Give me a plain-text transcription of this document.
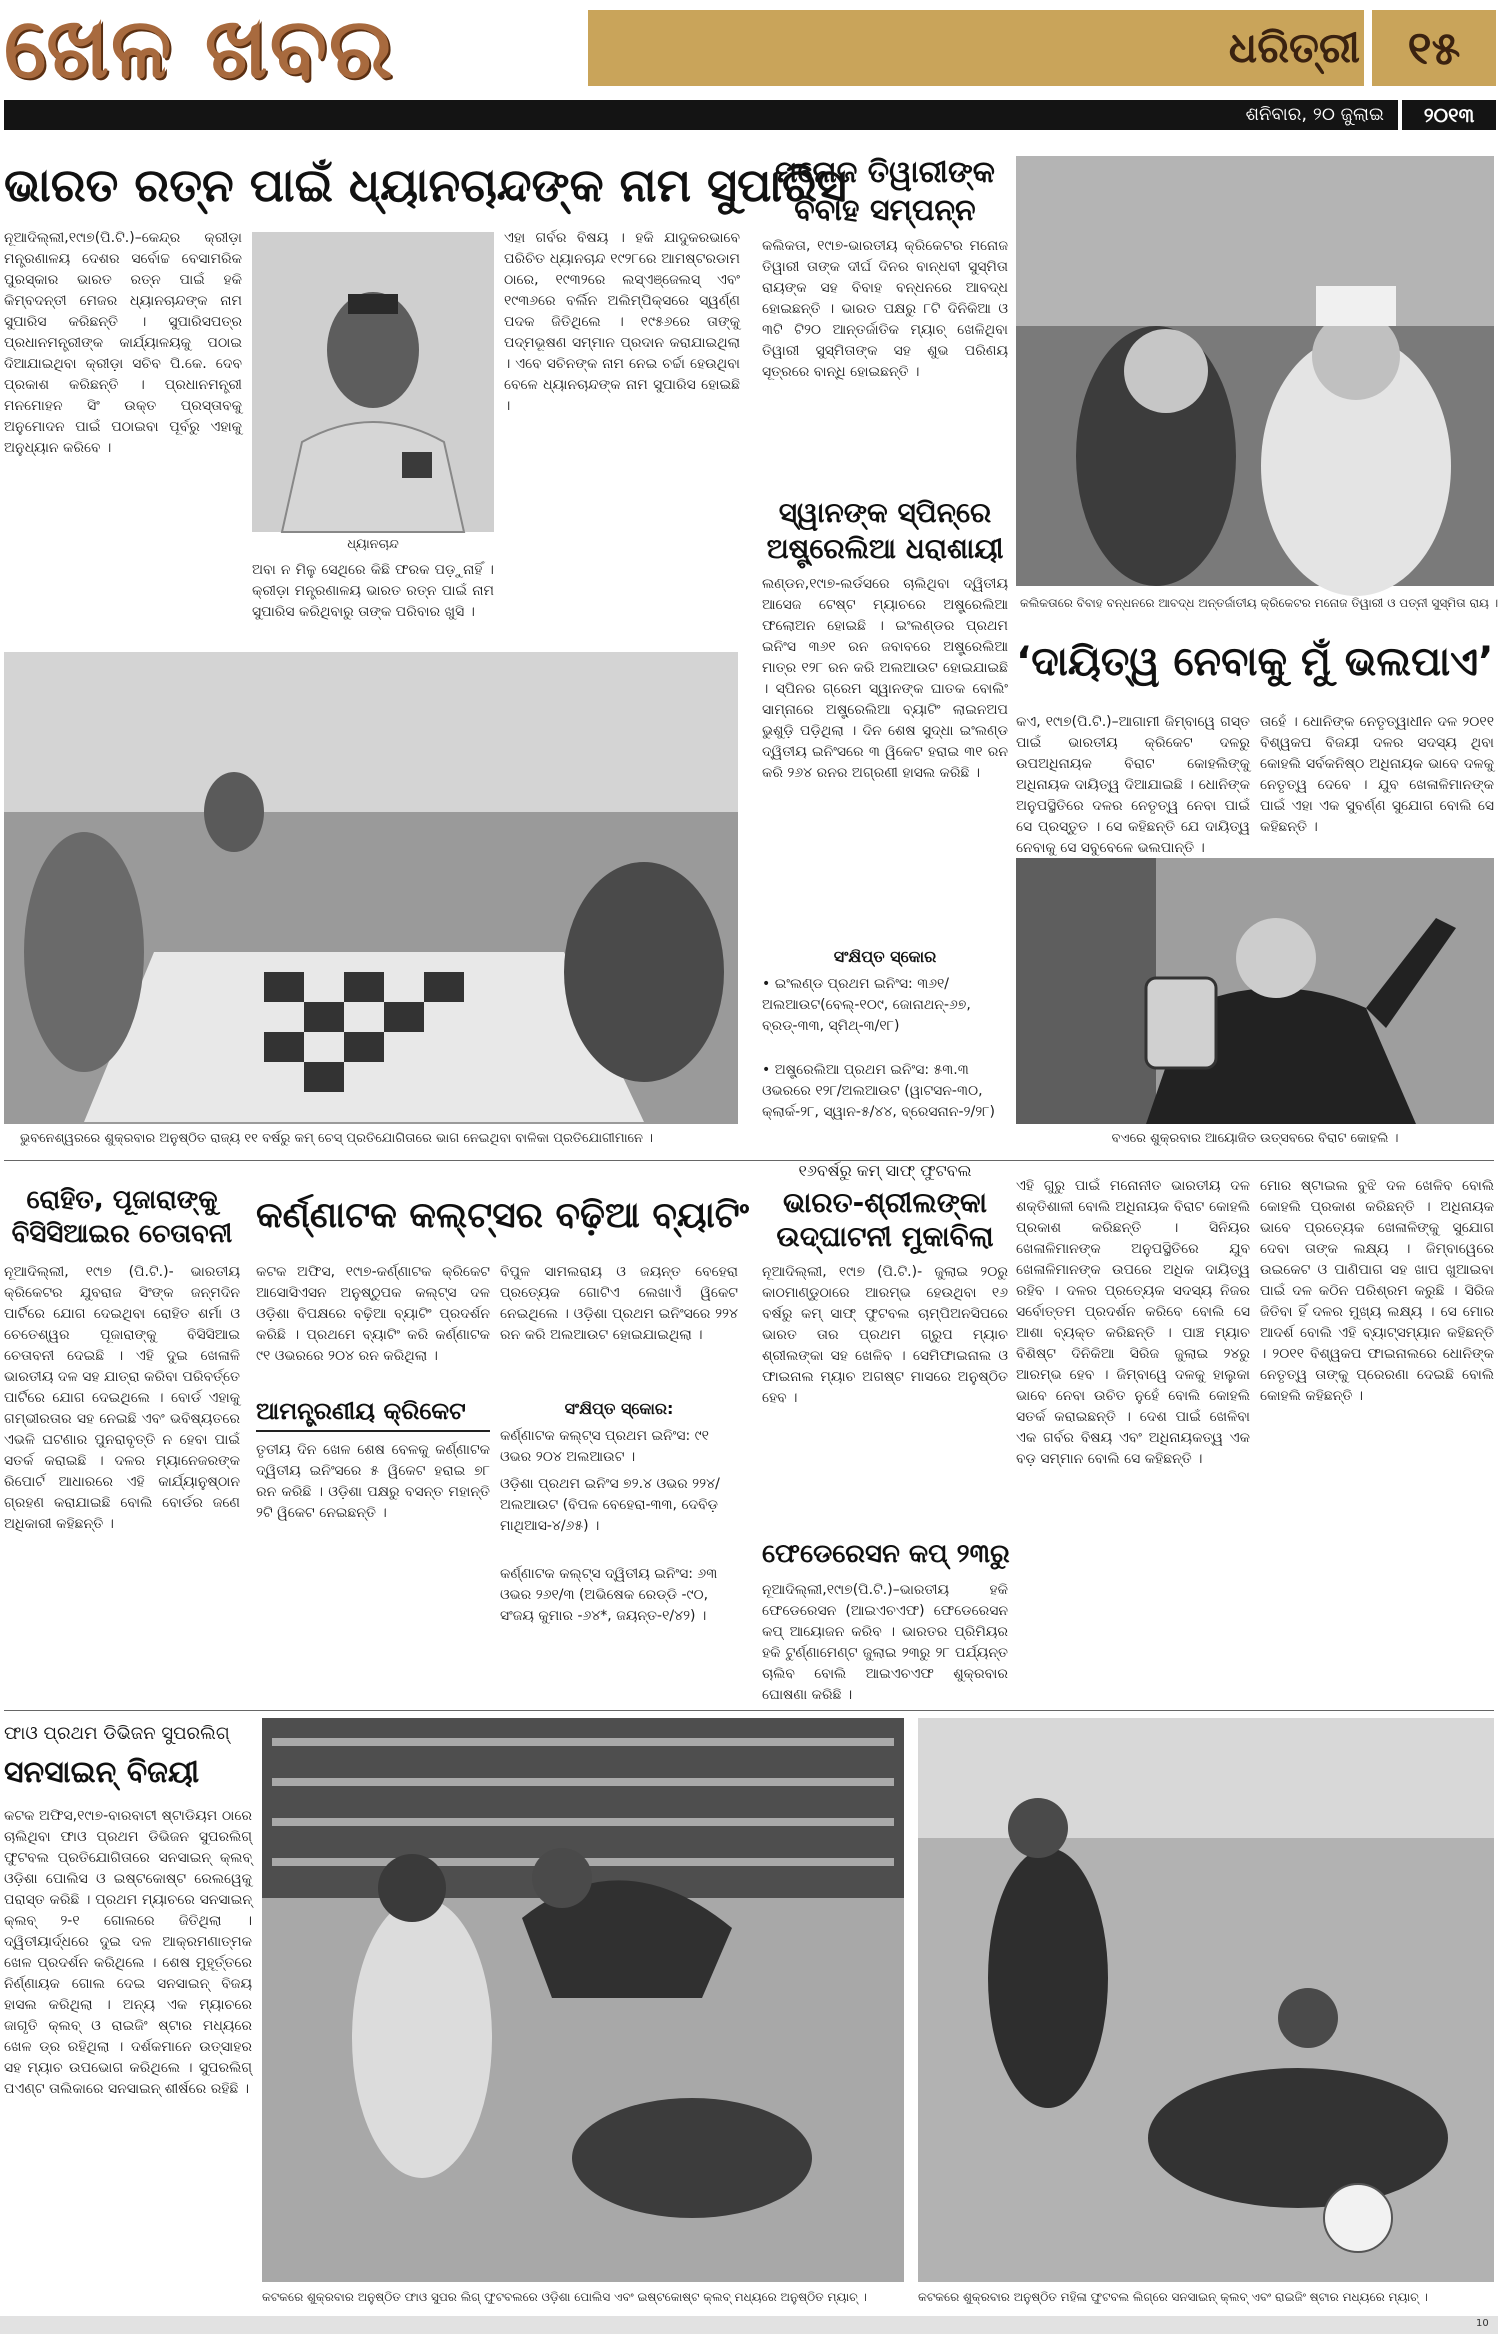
ଖେଳ ଖବର	ଧରିତ୍ରୀ	୧୫
ଶନିବାର, ୨୦ ଜୁଲାଇ	୨୦୧୩
ଭାରତ ରତ୍ନ ପାଇଁ ଧ୍ୟାନଚାନ୍ଦଙ୍କ ନାମ ସୁପାରିସ
ନୂଆଦିଲ୍ଲୀ,୧୯ା୭(ପି.ଟି.)–କେନ୍ଦ୍ର କ୍ରୀଡ଼ା ମନ୍ତ୍ରଣାଳୟ ଦେଶର ସର୍ବୋଚ୍ଚ ବେସାମରିକ ପୁରସ୍କାର ଭାରତ ରତ୍ନ ପାଇଁ ହକି କିମ୍ବଦନ୍ତୀ ମେଜର ଧ୍ୟାନଚାନ୍ଦଙ୍କ ନାମ ସୁପାରିସ କରିଛନ୍ତି । ସୁପାରିସପତ୍ର ପ୍ରଧାନମନ୍ତ୍ରୀଙ୍କ କାର୍ଯ୍ୟାଳୟକୁ ପଠାଇ ଦିଆଯାଇଥିବା କ୍ରୀଡ଼ା ସଚିବ ପି.କେ. ଦେବ ପ୍ରକାଶ କରିଛନ୍ତି । ପ୍ରଧାନମନ୍ତ୍ରୀ ମନମୋହନ ସିଂ ଉକ୍ତ ପ୍ରସ୍ତାବକୁ ଅନୁମୋଦନ ପାଇଁ ପଠାଇବା ପୂର୍ବରୁ ଏହାକୁ ଅନୁଧ୍ୟାନ କରିବେ ।
ଧ୍ୟାନଚାନ୍ଦ
ଅବା ନ ମିଳୁ ସେଥିରେ କିଛି ଫରକ ପଡ଼ୁନାହିଁ । କ୍ରୀଡ଼ା ମନ୍ତ୍ରଣାଳୟ ଭାରତ ରତ୍ନ ପାଇଁ ନାମ ସୁପାରିସ କରିଥିବାରୁ ତାଙ୍କ ପରିବାର ଖୁସି ।
ଏହା ଗର୍ବର ବିଷୟ । ହକି ଯାଦୁକରଭାବେ ପରିଚିତ ଧ୍ୟାନଚାନ୍ଦ ୧୯୨୮ରେ ଆମଷ୍ଟରଡାମ ଠାରେ, ୧୯୩୨ରେ ଲସ୍‌ଏଞ୍ଜେଲସ୍ ଏବଂ ୧୯୩୬ରେ ବର୍ଲିନ ଅଲିମ୍ପିକ୍ସରେ ସ୍ୱର୍ଣ୍ଣ ପଦକ ଜିତିଥିଲେ । ୧୯୫୬ରେ ତାଙ୍କୁ ପଦ୍ମଭୂଷଣ ସମ୍ମାନ ପ୍ରଦାନ କରାଯାଇଥିଲା । ଏବେ ସଚିନଙ୍କ ନାମ ନେଇ ଚର୍ଚ୍ଚା ହେଉଥିବା ବେଳେ ଧ୍ୟାନଚାନ୍ଦଙ୍କ ନାମ ସୁପାରିସ ହୋଇଛି ।
ଭୁବନେଶ୍ୱରରେ ଶୁକ୍ରବାର ଅନୁଷ୍ଠିତ ରାଜ୍ୟ ୧୧ ବର୍ଷରୁ କମ୍ ଚେସ୍ ପ୍ରତିଯୋଗିତାରେ ଭାଗ ନେଇଥିବା ବାଳିକା ପ୍ରତିଯୋଗୀମାନେ ।
ମନୋଜ ତିୱାରୀଙ୍କ
ବିବାହ ସମ୍ପନ୍ନ
କଲିକତା, ୧୯ା୭-ଭାରତୀୟ କ୍ରିକେଟର ମନୋଜ ତିୱାରୀ ତାଙ୍କ ଦୀର୍ଘ ଦିନର ବାନ୍ଧବୀ ସୁସ୍ମିତା ରାୟଙ୍କ ସହ ବିବାହ ବନ୍ଧନରେ ଆବଦ୍ଧ ହୋଇଛନ୍ତି । ଭାରତ ପକ୍ଷରୁ ୮ଟି ଦିନିକିଆ ଓ ୩ଟି ଟି୨୦ ଆନ୍ତର୍ଜାତିକ ମ୍ୟାଚ୍ ଖେଳିଥିବା ତିୱାରୀ ସୁସ୍ମିତାଙ୍କ ସହ ଶୁଭ ପରିଣୟ ସୂତ୍ରରେ ବାନ୍ଧି ହୋଇଛନ୍ତି ।
କଲିକତାରେ ବିବାହ ବନ୍ଧନରେ ଆବଦ୍ଧ ଅନ୍ତର୍ଜାତୀୟ କ୍ରିକେଟର ମନୋଜ ତିୱାରୀ ଓ ପତ୍ନୀ ସୁସ୍ମିତା ରାୟ ।
ସ୍ୱାନଙ୍କ ସ୍ପିନ୍‌ରେ
ଅଷ୍ଟ୍ରେଲିଆ ଧରାଶାୟୀ
ଲଣ୍ଡନ,୧୯ା୭-ଲର୍ଡସରେ ଚାଲିଥିବା ଦ୍ୱିତୀୟ ଆସେଜ ଟେଷ୍ଟ ମ୍ୟାଚରେ ଅଷ୍ଟ୍ରେଲିଆ ଫଲୋଅନ ହୋଇଛି । ଇଂଲଣ୍ଡର ପ୍ରଥମ ଇନିଂସ ୩୬୧ ରନ ଜବାବରେ ଅଷ୍ଟ୍ରେଲିଆ ମାତ୍ର ୧୨୮ ରନ କରି ଅଲଆଉଟ ହୋଇଯାଇଛି । ସ୍ପିନର ଗ୍ରେମ ସ୍ୱାନଙ୍କ ଘାତକ ବୋଲିଂ ସାମ୍ନାରେ ଅଷ୍ଟ୍ରେଲିଆ ବ୍ୟାଟିଂ ଲାଇନଅପ ଭୁଶୁଡ଼ି ପଡ଼ିଥିଲା । ଦିନ ଶେଷ ସୁଦ୍ଧା ଇଂଲଣ୍ଡ ଦ୍ୱିତୀୟ ଇନିଂସରେ ୩ ୱିକେଟ ହରାଇ ୩୧ ରନ କରି ୨୬୪ ରନର ଅଗ୍ରଣୀ ହାସଲ କରିଛି ।
ସଂକ୍ଷିପ୍ତ ସ୍କୋର
• ଇଂଲଣ୍ଡ ପ୍ରଥମ ଇନିଂସ: ୩୬୧/ ଅଲଆଉଟ(ବେଲ୍-୧୦୯, ଜୋନାଥନ୍-୬୭, ବ୍ରଡ୍-୩୩, ସ୍ମିଥ୍-୩/୧୮)
• ଅଷ୍ଟ୍ରେଲିଆ ପ୍ରଥମ ଇନିଂସ: ୫୩.୩ ଓଭରରେ ୧୨୮/ଅଲଆଉଟ (ୱାଟସନ-୩୦, କ୍ଲାର୍କ-୨୮, ସ୍ୱାନ-୫/୪୪, ବ୍ରେସନାନ-୨/୨୮)
‘ଦାୟିତ୍ୱ ନେବାକୁ ମୁଁ ଭଲପାଏ’
କଏ, ୧୯ା୭(ପି.ଟି.)–ଆଗାମୀ ଜିମ୍ବାୱେ ଗସ୍ତ ପାଇଁ ଭାରତୀୟ କ୍ରିକେଟ ଦଳରୁ ଉପଅଧିନାୟକ ବିରାଟ କୋହଲିଙ୍କୁ ଅଧିନାୟକ ଦାୟିତ୍ୱ ଦିଆଯାଇଛି । ଧୋନିଙ୍କ ଅନୁପସ୍ଥିତିରେ ଦଳର ନେତୃତ୍ୱ ନେବା ପାଇଁ ସେ ପ୍ରସ୍ତୁତ । ସେ କହିଛନ୍ତି ଯେ ଦାୟିତ୍ୱ ନେବାକୁ ସେ ସବୁବେଳେ ଭଲପାନ୍ତି ।
ତାହେଁ । ଧୋନିଙ୍କ ନେତୃତ୍ୱାଧୀନ ଦଳ ୨୦୧୧ ବିଶ୍ୱକପ ବିଜୟୀ ଦଳର ସଦସ୍ୟ ଥିବା କୋହଲି ସର୍ବକନିଷ୍ଠ ଅଧିନାୟକ ଭାବେ ଦଳକୁ ନେତୃତ୍ୱ ଦେବେ । ଯୁବ ଖେଳାଳିମାନଙ୍କ ପାଇଁ ଏହା ଏକ ସୁବର୍ଣ୍ଣ ସୁଯୋଗ ବୋଲି ସେ କହିଛନ୍ତି ।
ବଏରେ ଶୁକ୍ରବାର ଆୟୋଜିତ ଉତ୍ସବରେ ବିରାଟ କୋହଲି ।
ରୋହିତ, ପୂଜାରାଙ୍କୁ
ବିସିସିଆଇର ଚେତାବନୀ
ନୂଆଦିଲ୍ଲୀ, ୧୯ା୭ (ପି.ଟି.)- ଭାରତୀୟ କ୍ରିକେଟର ଯୁବରାଜ ସିଂଙ୍କ ଜନ୍ମଦିନ ପାର୍ଟିରେ ଯୋଗ ଦେଇଥିବା ରୋହିତ ଶର୍ମା ଓ ଚେତେଶ୍ୱର ପୂଜାରାଙ୍କୁ ବିସିସିଆଇ ଚେତାବନୀ ଦେଇଛି । ଏହି ଦୁଇ ଖେଳାଳି ଭାରତୀୟ ଦଳ ସହ ଯାତ୍ରା କରିବା ପରିବର୍ତ୍ତେ ପାର୍ଟିରେ ଯୋଗ ଦେଇଥିଲେ । ବୋର୍ଡ ଏହାକୁ ଗମ୍ଭୀରତାର ସହ ନେଇଛି ଏବଂ ଭବିଷ୍ୟତରେ ଏଭଳି ଘଟଣାର ପୁନରାବୃତ୍ତି ନ ହେବା ପାଇଁ ସତର୍କ କରାଇଛି । ଦଳର ମ୍ୟାନେଜରଙ୍କ ରିପୋର୍ଟ ଆଧାରରେ ଏହି କାର୍ଯ୍ୟାନୁଷ୍ଠାନ ଗ୍ରହଣ କରାଯାଇଛି ବୋଲି ବୋର୍ଡର ଜଣେ ଅଧିକାରୀ କହିଛନ୍ତି ।
କର୍ଣ୍ଣାଟକ କଲ୍‌ଟ୍ସର ବଢ଼ିଆ ବ୍ୟାଟିଂ
କଟକ ଅଫିସ, ୧୯ା୭-କର୍ଣ୍ଣାଟକ କ୍ରିକେଟ ଆସୋସିଏସନ ଅନୁଷ୍ଠୁପକ କଲ୍‌ଟ୍ସ ଦଳ ଓଡ଼ିଶା ବିପକ୍ଷରେ ବଢ଼ିଆ ବ୍ୟାଟିଂ ପ୍ରଦର୍ଶନ କରିଛି । ପ୍ରଥମେ ବ୍ୟାଟିଂ କରି କର୍ଣ୍ଣାଟକ ୯୧ ଓଭରରେ ୨୦୪ ରନ କରିଥିଲା ।
ବିପୁଳ ସାମଲରାୟ ଓ ଜୟନ୍ତ ବେହେରା ପ୍ରତ୍ୟେକ ଗୋଟିଏ ଲେଖାଏଁ ୱିକେଟ ନେଇଥିଲେ । ଓଡ଼ିଶା ପ୍ରଥମ ଇନିଂସରେ ୨୨୪ ରନ କରି ଅଲଆଉଟ ହୋଇଯାଇଥିଲା ।
ଆମନ୍ତ୍ରଣୀୟ କ୍ରିକେଟ
ତୃତୀୟ ଦିନ ଖେଳ ଶେଷ ବେଳକୁ କର୍ଣ୍ଣାଟକ ଦ୍ୱିତୀୟ ଇନିଂସରେ ୫ ୱିକେଟ ହରାଇ ୭୮ ରନ କରିଛି । ଓଡ଼ିଶା ପକ୍ଷରୁ ବସନ୍ତ ମହାନ୍ତି ୨ଟି ୱିକେଟ ନେଇଛନ୍ତି ।
ସଂକ୍ଷିପ୍ତ ସ୍କୋର:
କର୍ଣ୍ଣାଟକ କଲ୍‌ଟ୍ସ ପ୍ରଥମ ଇନିଂସ: ୯୧ ଓଭର ୨୦୪ ଅଲଆଉଟ ।
ଓଡ଼ିଶା ପ୍ରଥମ ଇନିଂସ ୭୨.୪ ଓଭର ୨୨୪/ଅଲଆଉଟ (ବିପଳ ବେହେରା-୩୩, ଦେବିଡ଼ ମାଥିଆସ-୪/୬୫) ।
କର୍ଣ୍ଣାଟକ କଲ୍‌ଟ୍ସ ଦ୍ୱିତୀୟ ଇନିଂସ: ୬୩ ଓଭର ୨୬୧/୩ (ଅଭିଷେକ ରେଡ୍ଡି -୯୦, ସଂଜୟ କୁମାର -୬୪*, ଜୟନ୍ତ-୧/୪୨) ।
୧୬ବର୍ଷରୁ କମ୍ ସାଫ୍ ଫୁଟବଲ
ଭାରତ-ଶ୍ରୀଲଙ୍କା
ଉଦ୍‌ଘାଟନୀ ମୁକାବିଲା
ନୂଆଦିଲ୍ଲୀ, ୧୯ା୭ (ପି.ଟି.)- ଜୁଲାଇ ୨୦ରୁ କାଠମାଣ୍ଡୁଠାରେ ଆରମ୍ଭ ହେଉଥିବା ୧୬ ବର୍ଷରୁ କମ୍ ସାଫ୍ ଫୁଟବଲ ଚାମ୍ପିଅନସିପରେ ଭାରତ ତାର ପ୍ରଥମ ଗ୍ରୁପ ମ୍ୟାଚ ଶ୍ରୀଲଙ୍କା ସହ ଖେଳିବ । ସେମିଫାଇନାଲ ଓ ଫାଇନାଲ ମ୍ୟାଚ ଅଗଷ୍ଟ ମାସରେ ଅନୁଷ୍ଠିତ ହେବ ।
ଫେଡେରେସନ କପ୍ ୨୩ରୁ
ନୂଆଦିଲ୍ଲୀ,୧୯ା୭(ପି.ଟି.)–ଭାରତୀୟ ହକି ଫେଡେରେସନ (ଆଇଏଚଏଫ) ଫେଡେରେସନ କପ୍ ଆୟୋଜନ କରିବ । ଭାରତର ପ୍ରିମିୟର ହକି ଟୁର୍ଣ୍ଣାମେଣ୍ଟ ଜୁଲାଇ ୨୩ରୁ ୨୮ ପର୍ଯ୍ୟନ୍ତ ଚାଲିବ ବୋଲି ଆଇଏଚଏଫ ଶୁକ୍ରବାର ଘୋଷଣା କରିଛି ।
ଏହି ଗୁରୁ ପାଇଁ ମନୋନୀତ ଭାରତୀୟ ଦଳ ଶକ୍ତିଶାଳୀ ବୋଲି ଅଧିନାୟକ ବିରାଟ କୋହଲି ପ୍ରକାଶ କରିଛନ୍ତି । ସିନିୟର ଖେଳାଳିମାନଙ୍କ ଅନୁପସ୍ଥିତିରେ ଯୁବ ଖେଳାଳିମାନଙ୍କ ଉପରେ ଅଧିକ ଦାୟିତ୍ୱ ରହିବ । ଦଳର ପ୍ରତ୍ୟେକ ସଦସ୍ୟ ନିଜର ସର୍ବୋତ୍ତମ ପ୍ରଦର୍ଶନ କରିବେ ବୋଲି ସେ ଆଶା ବ୍ୟକ୍ତ କରିଛନ୍ତି । ପାଞ୍ଚ ମ୍ୟାଚ ବିଶିଷ୍ଟ ଦିନିକିଆ ସିରିଜ ଜୁଲାଇ ୨୪ରୁ ଆରମ୍ଭ ହେବ । ଜିମ୍ବାୱେ ଦଳକୁ ହାଲୁକା ଭାବେ ନେବା ଉଚିତ ନୁହେଁ ବୋଲି କୋହଲି ସତର୍କ କରାଇଛନ୍ତି । ଦେଶ ପାଇଁ ଖେଳିବା ଏକ ଗର୍ବର ବିଷୟ ଏବଂ ଅଧିନାୟକତ୍ୱ ଏକ ବଡ଼ ସମ୍ମାନ ବୋଲି ସେ କହିଛନ୍ତି ।
ମୋର ଷ୍ଟାଇଲ ବୁଝି ଦଳ ଖେଳିବ ବୋଲି କୋହଲି ପ୍ରକାଶ କରିଛନ୍ତି । ଅଧିନାୟକ ଭାବେ ପ୍ରତ୍ୟେକ ଖେଳାଳିଙ୍କୁ ସୁଯୋଗ ଦେବା ତାଙ୍କ ଲକ୍ଷ୍ୟ । ଜିମ୍ବାୱେରେ ଉଇକେଟ ଓ ପାଣିପାଗ ସହ ଖାପ ଖୁଆଇବା ପାଇଁ ଦଳ କଠିନ ପରିଶ୍ରମ କରୁଛି । ସିରିଜ ଜିତିବା ହିଁ ଦଳର ମୁଖ୍ୟ ଲକ୍ଷ୍ୟ । ସେ ମୋର ଆଦର୍ଶ ବୋଲି ଏହି ବ୍ୟାଟ୍ସମ୍ୟାନ କହିଛନ୍ତି । ୨୦୧୧ ବିଶ୍ୱକପ ଫାଇନାଲରେ ଧୋନିଙ୍କ ନେତୃତ୍ୱ ତାଙ୍କୁ ପ୍ରେରଣା ଦେଇଛି ବୋଲି କୋହଲି କହିଛନ୍ତି ।
ଫାଓ ପ୍ରଥମ ଡିଭିଜନ ସୁପରଲିଗ୍
ସନସାଇନ୍ ବିଜୟୀ
କଟକ ଅଫିସ,୧୯ା୭-ବାରବାଟୀ ଷ୍ଟାଡିୟମ ଠାରେ ଚାଲିଥିବା ଫାଓ ପ୍ରଥମ ଡିଭିଜନ ସୁପରଲିଗ୍ ଫୁଟବଲ ପ୍ରତିଯୋଗିତାରେ ସନସାଇନ୍ କ୍ଲବ୍ ଓଡ଼ିଶା ପୋଲିସ ଓ ଇଷ୍ଟକୋଷ୍ଟ ରେଲୱେକୁ ପରାସ୍ତ କରିଛି । ପ୍ରଥମ ମ୍ୟାଚରେ ସନସାଇନ୍ କ୍ଲବ୍ ୨-୧ ଗୋଲରେ ଜିତିଥିଲା । ଦ୍ୱିତୀୟାର୍ଦ୍ଧରେ ଦୁଇ ଦଳ ଆକ୍ରମଣାତ୍ମକ ଖେଳ ପ୍ରଦର୍ଶନ କରିଥିଲେ । ଶେଷ ମୁହୂର୍ତ୍ତରେ ନିର୍ଣ୍ଣାୟକ ଗୋଲ ଦେଇ ସନସାଇନ୍ ବିଜୟ ହାସଲ କରିଥିଲା । ଅନ୍ୟ ଏକ ମ୍ୟାଚରେ ଜାଗୃତି କ୍ଲବ୍ ଓ ରାଇଜିଂ ଷ୍ଟାର ମଧ୍ୟରେ ଖେଳ ଡ୍ର ରହିଥିଲା । ଦର୍ଶକମାନେ ଉତ୍ସାହର ସହ ମ୍ୟାଚ ଉପଭୋଗ କରିଥିଲେ । ସୁପରଲିଗ୍ ପଏଣ୍ଟ ତାଲିକାରେ ସନସାଇନ୍ ଶୀର୍ଷରେ ରହିଛି ।
କଟକରେ ଶୁକ୍ରବାର ଅନୁଷ୍ଠିତ ଫାଓ ସୁପର ଲିଗ୍ ଫୁଟବଲରେ ଓଡ଼ିଶା ପୋଲିସ ଏବଂ ଇଷ୍ଟକୋଷ୍ଟ କ୍ଲବ୍ ମଧ୍ୟରେ ଅନୁଷ୍ଠିତ ମ୍ୟାଚ୍ ।	କଟକରେ ଶୁକ୍ରବାର ଅନୁଷ୍ଠିତ ମହିଳା ଫୁଟବଲ ଲିଗ୍‌ରେ ସନସାଇନ୍ କ୍ଲବ୍ ଏବଂ ରାଇଜିଂ ଷ୍ଟାର ମଧ୍ୟରେ ମ୍ୟାଚ୍ ।
10
